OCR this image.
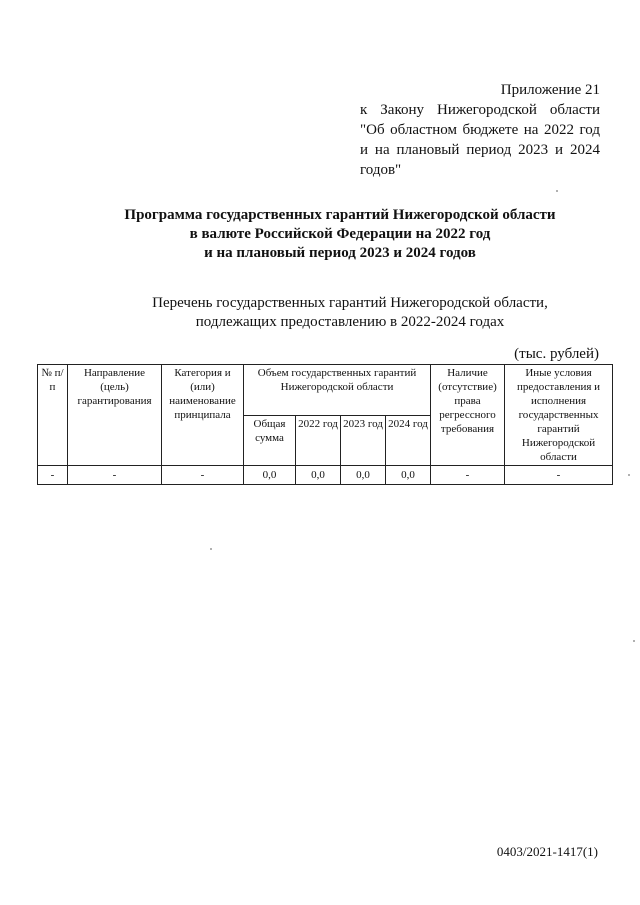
Приложение 21
к Закону Нижегородской области
"Об областном бюджете на 2022 год
и на плановый период 2023 и 2024
годов"
Программа государственных гарантий Нижегородской области
в валюте Российской Федерации на 2022 год
и на плановый период 2023 и 2024 годов
Перечень государственных гарантий Нижегородской области,
подлежащих предоставлению в 2022-2024 годах
(тыс. рублей)
№ п/п	Направление (цель) гарантирования	Категория и (или) наименование принципала	Объем государственных гарантий Нижегородской области				Наличие (отсутствие) права регрессного требования	Иные условия предоставления и исполнения государственных гарантий Нижегородской области
			Общая сумма	2022 год	2023 год	2024 год		
-	-	-	0,0	0,0	0,0	0,0	-	-
0403/2021-1417(1)
